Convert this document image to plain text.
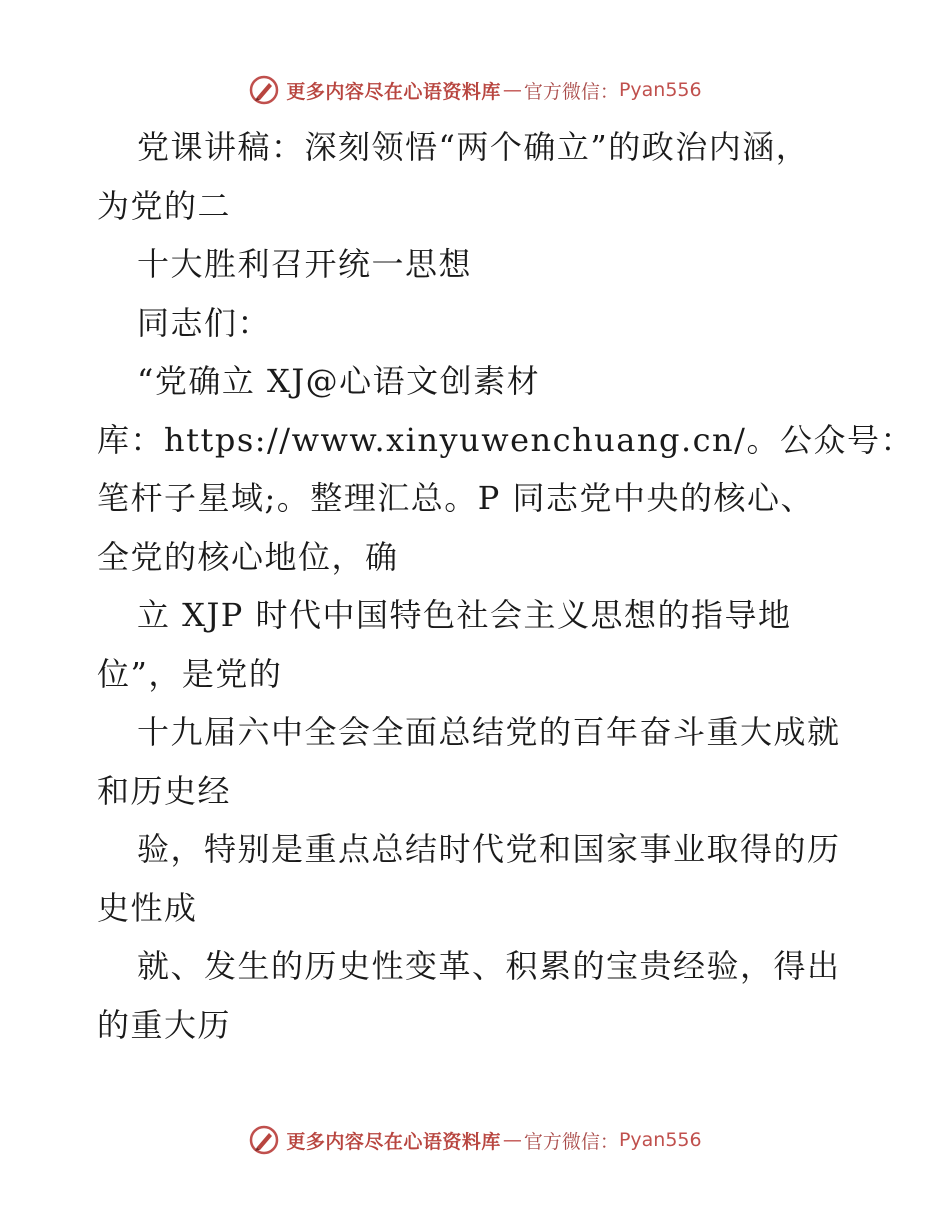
更多内容尽在心语资料库 — 官方微信： Pyan556
党课讲稿：深刻领悟“两个确立”的政治内涵，
为党的二
十大胜利召开统一思想
同志们：
“党确立 XJ@心语文创素材
库：https://www.xinyuwenchuang.cn/。公众号：
笔杆子星域;。整理汇总。P 同志党中央的核心、
全党的核心地位，确
立 XJP 时代中国特色社会主义思想的指导地
位”，是党的
十九届六中全会全面总结党的百年奋斗重大成就
和历史经
验，特别是重点总结时代党和国家事业取得的历
史性成
就、发生的历史性变革、积累的宝贵经验，得出
的重大历
更多内容尽在心语资料库 — 官方微信： Pyan556
